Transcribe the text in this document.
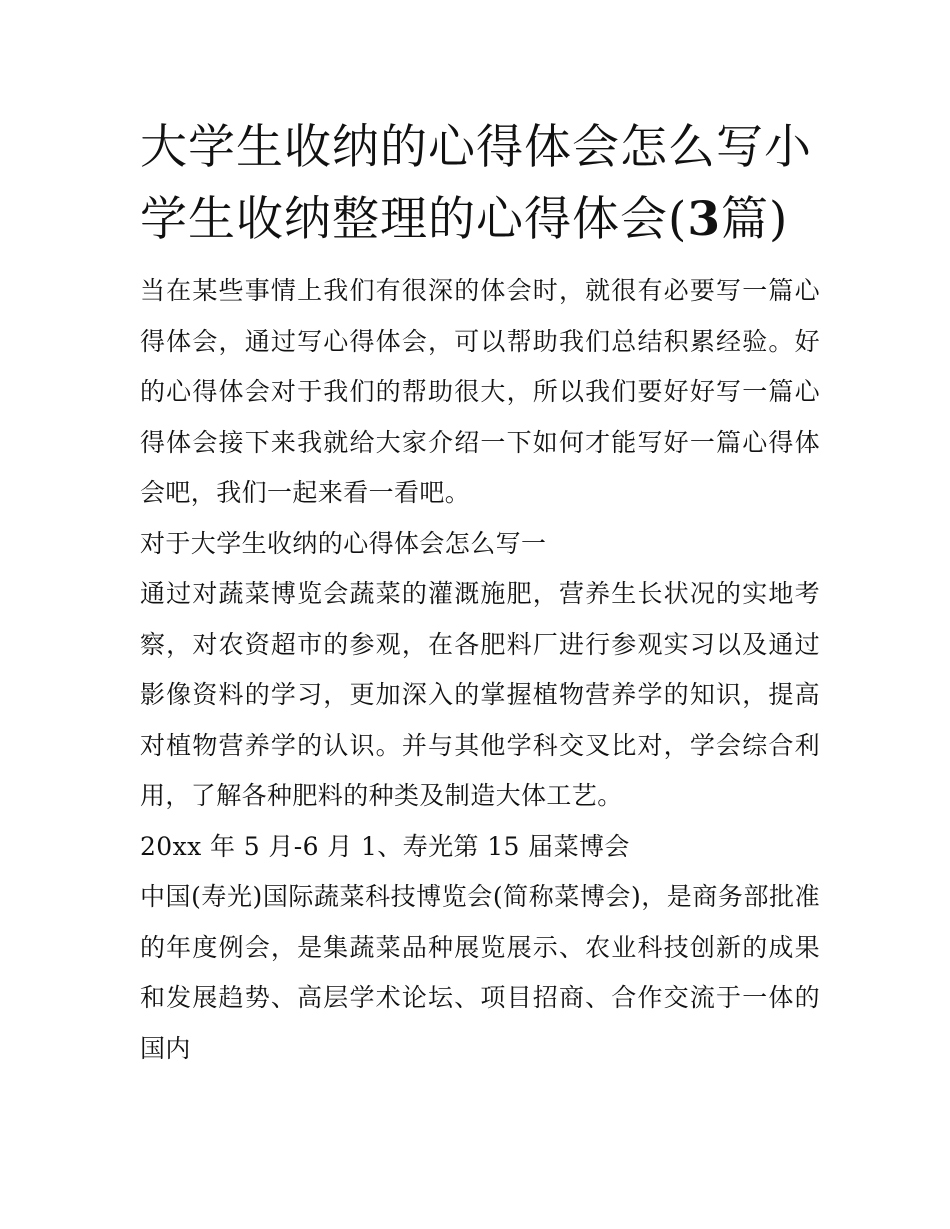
大学生收纳的心得体会怎么写小学生收纳整理的心得体会(3篇)

当在某些事情上我们有很深的体会时，就很有必要写一篇心得体会，通过写心得体会，可以帮助我们总结积累经验。好的心得体会对于我们的帮助很大，所以我们要好好写一篇心得体会接下来我就给大家介绍一下如何才能写好一篇心得体会吧，我们一起来看一看吧。

对于大学生收纳的心得体会怎么写一

通过对蔬菜博览会蔬菜的灌溉施肥，营养生长状况的实地考察，对农资超市的参观，在各肥料厂进行参观实习以及通过影像资料的学习，更加深入的掌握植物营养学的知识，提高对植物营养学的认识。并与其他学科交叉比对，学会综合利用，了解各种肥料的种类及制造大体工艺。

20xx 年 5 月-6 月 1、寿光第 15 届菜博会

中国(寿光)国际蔬菜科技博览会(简称菜博会)，是商务部批准的年度例会，是集蔬菜品种展览展示、农业科技创新的成果和发展趋势、高层学术论坛、项目招商、合作交流于一体的国内
